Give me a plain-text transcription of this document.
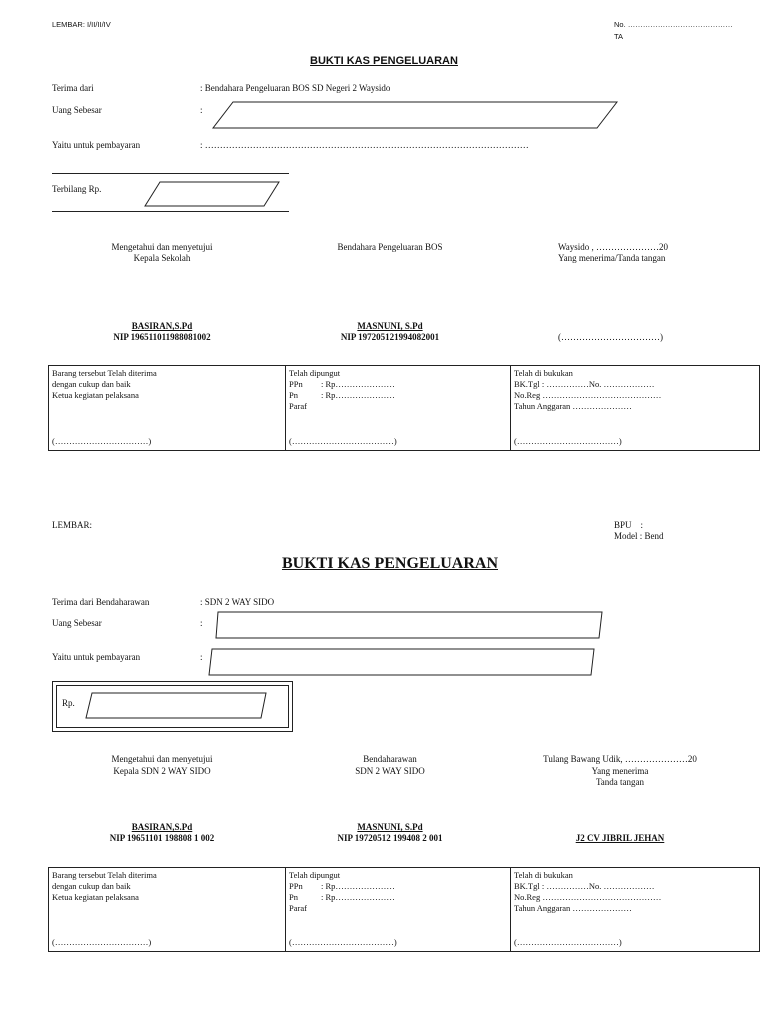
LEMBAR: I/II/II/IV	No. ……………………………………
TA
BUKTI KAS PENGELUARAN
Terima dari	: Bendahara Pengeluaran BOS SD Negeri 2 Waysido
Uang Sebesar	:
Yaitu untuk pembayaran	: ………………………………………………………………………………………………
Terbilang Rp.
Mengetahui dan menyetujui
Kepala Sekolah
Bendahara Pengeluaran BOS	Waysido , …………………20
Yang menerima/Tanda tangan
BASIRAN,S.Pd
NIP 196511011988081002
MASNUNI, S.Pd
NIP 197205121994082001	(……………………………)
Barang tersebut Telah diterima
dengan cukup dan baik
Ketua kegiatan pelaksana
(……………………………)

Telah dipungut
PPn : Rp…………………
Pn	: Rp…………………
Paraf
(………………………………)

Telah di bukukan
BK.Tgl : ……………No. ………………
No.Reg ……………………………………
Tahun Anggaran …………………
(………………………………)
LEMBAR:	BPU    :
Model : Bend
BUKTI KAS PENGELUARAN
Terima dari Bendaharawan	: SDN 2 WAY SIDO
Uang Sebesar	:
Yaitu untuk pembayaran	:
Rp.
Mengetahui dan menyetujui
Kepala SDN 2 WAY SIDO
Bendaharawan
SDN 2 WAY SIDO
Tulang Bawang Udik, …………………20
Yang menerima
Tanda tangan
BASIRAN,S.Pd
NIP 19651101 198808 1 002
MASNUNI, S.Pd
NIP 19720512 199408 2 001	J2 CV JIBRIL JEHAN
Barang tersebut Telah diterima
dengan cukup dan baik
Ketua kegiatan pelaksana
(……………………………)

Telah dipungut
PPn : Rp…………………
Pn	: Rp…………………
Paraf
(………………………………)

Telah di bukukan
BK.Tgl : ……………No. ………………
No.Reg ……………………………………
Tahun Anggaran …………………
(………………………………)
